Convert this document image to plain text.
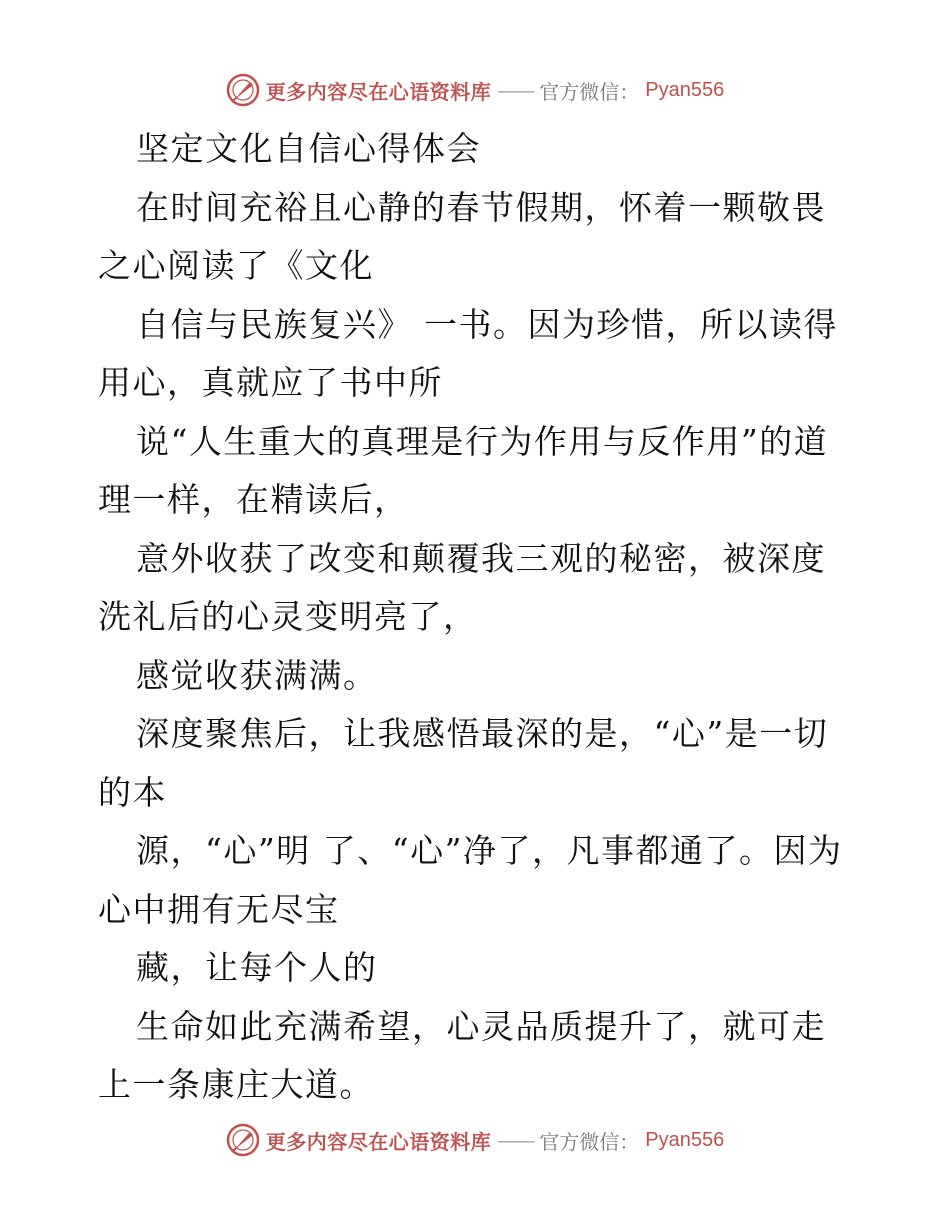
更多内容尽在心语资料库 —— 官方微信： Pyan556

坚定文化自信心得体会

在时间充裕且心静的春节假期，怀着一颗敬畏之心阅读了《文化

自信与民族复兴》 一书。因为珍惜，所以读得用心，真就应了书中所

说“人生重大的真理是行为作用与反作用”的道理一样，在精读后，

意外收获了改变和颠覆我三观的秘密，被深度洗礼后的心灵变明亮了，

感觉收获满满。

深度聚焦后，让我感悟最深的是，“心”是一切的本

源，“心”明 了、“心”净了，凡事都通了。因为心中拥有无尽宝

藏，让每个人的

生命如此充满希望，心灵品质提升了，就可走上一条康庄大道。

更多内容尽在心语资料库 —— 官方微信： Pyan556
